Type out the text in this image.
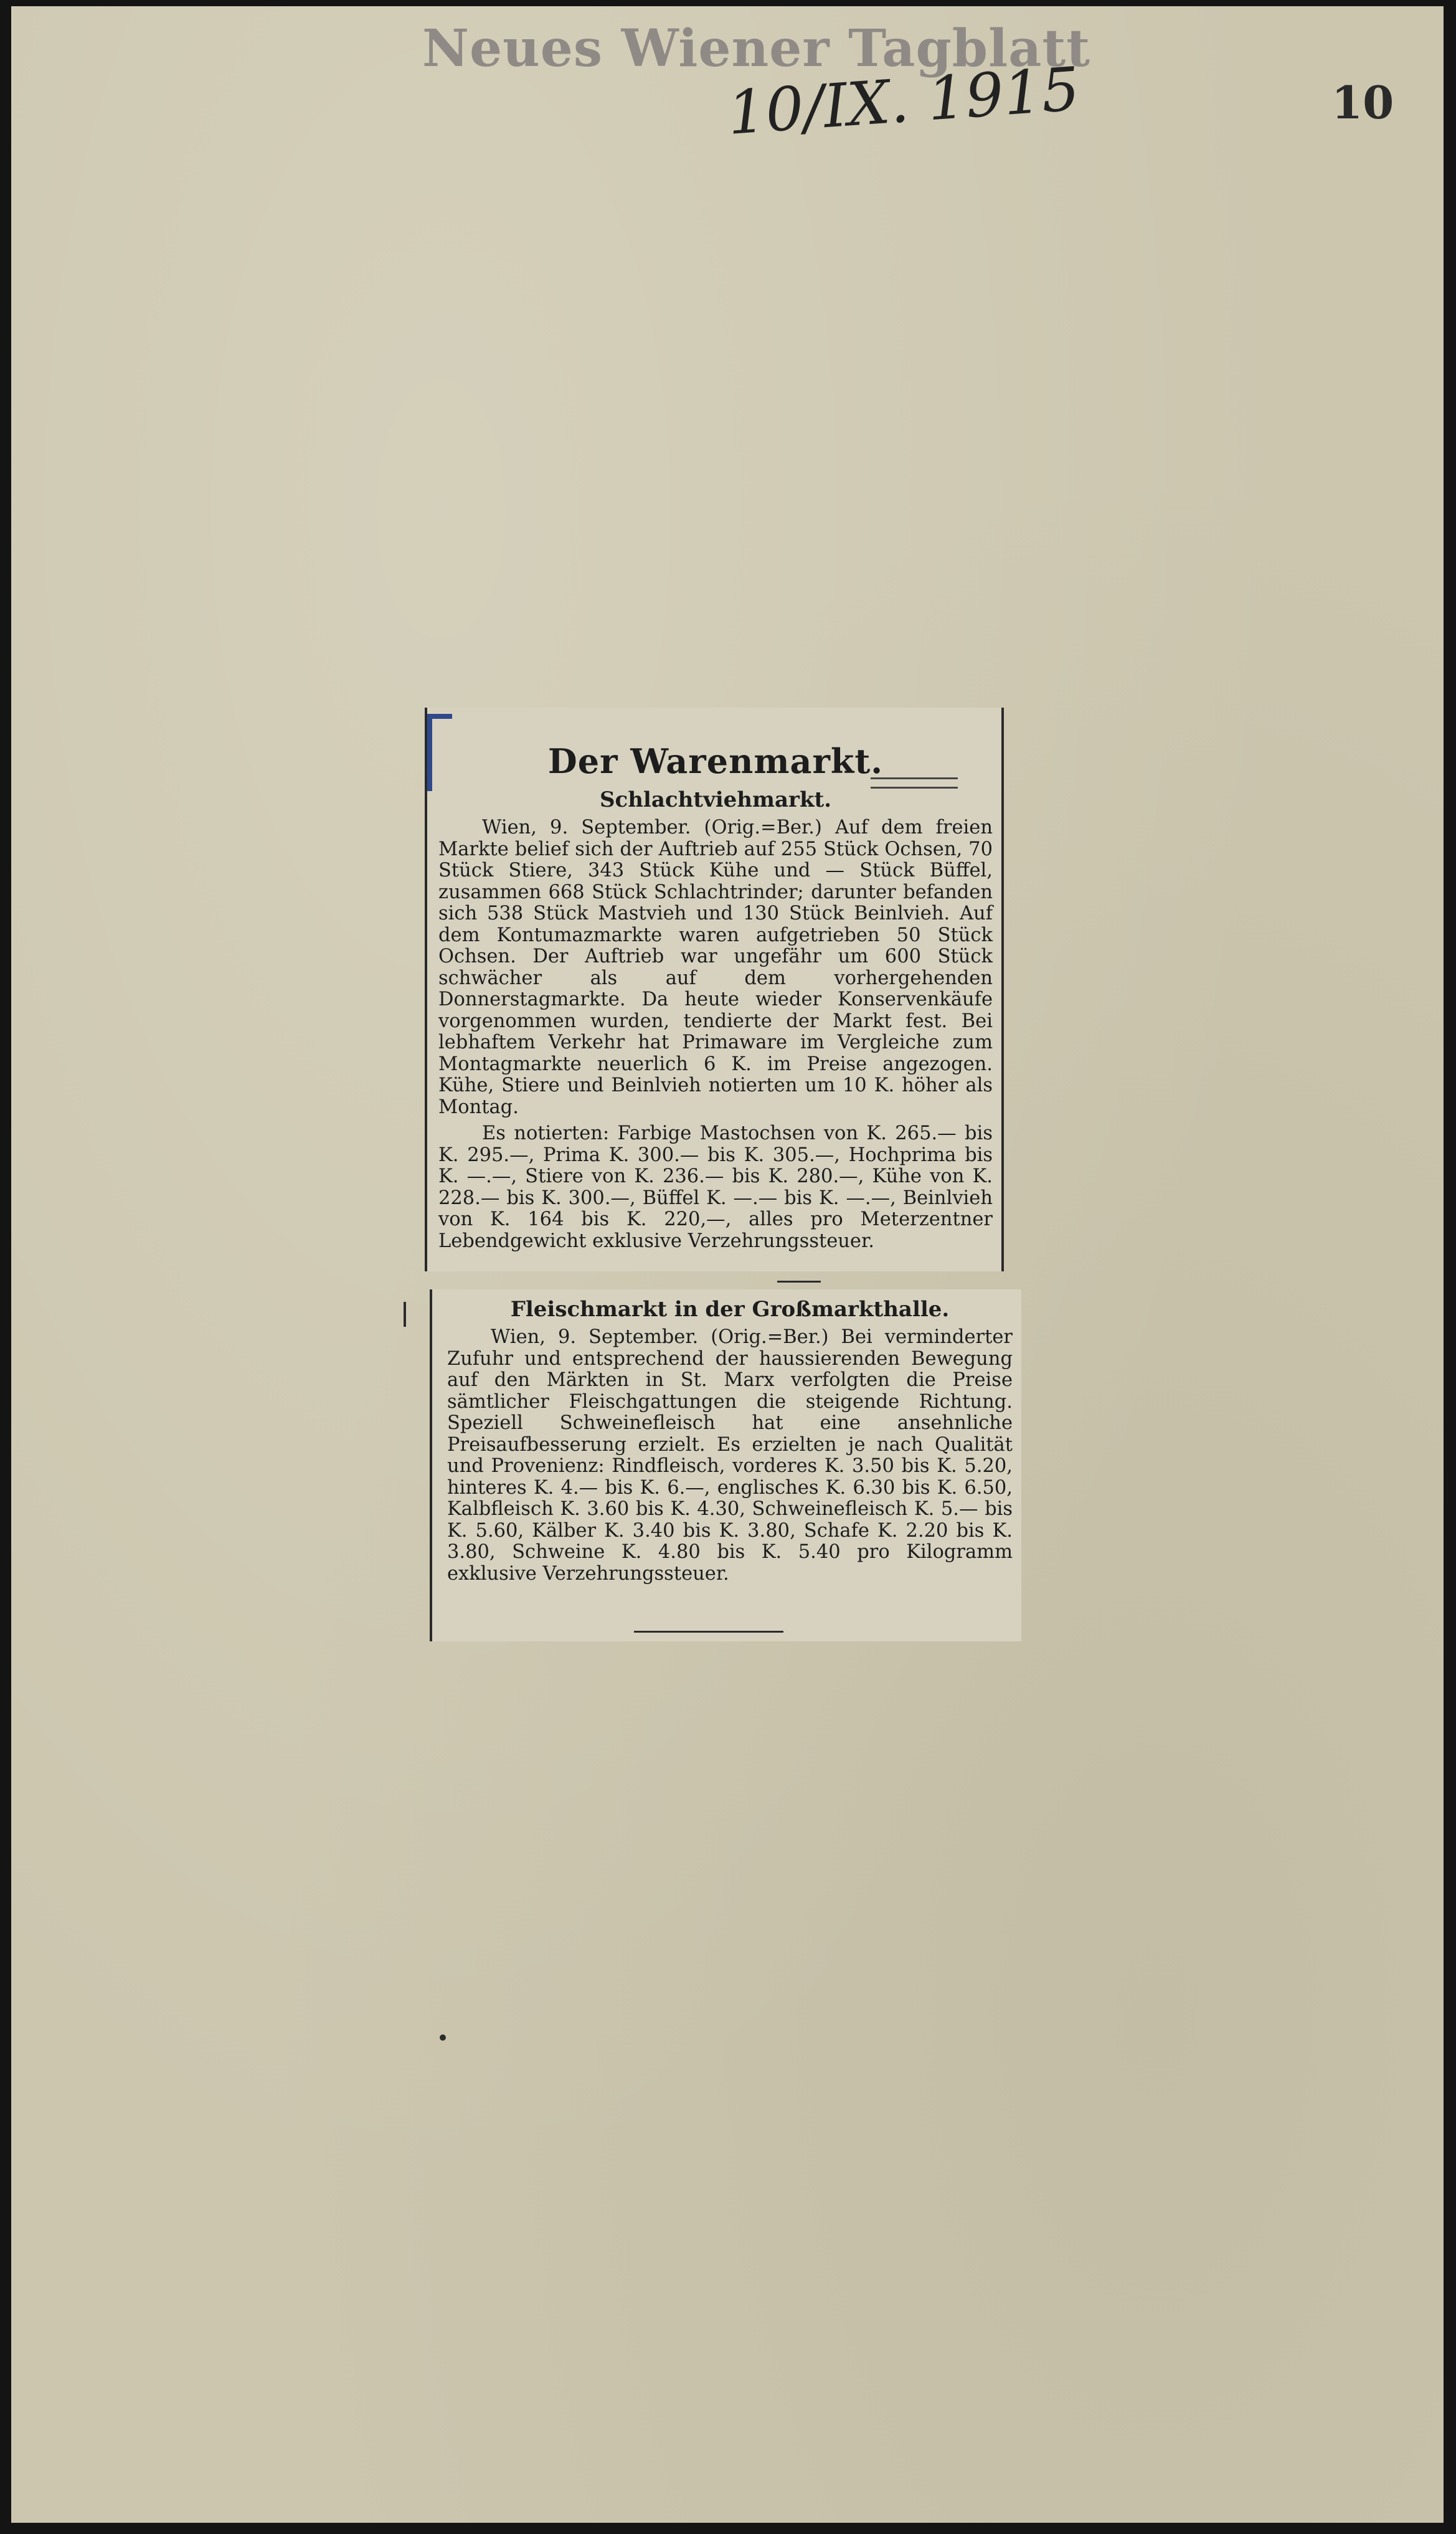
Neues Wiener Tagblatt
10/IX. 1915	10
Der Warenmarkt.
Schlachtviehmarkt.

Wien, 9. September. (Orig.=Ber.) Auf dem freien Markte belief sich der Auftrieb auf 255 Stück Ochsen, 70 Stück Stiere, 343 Stück Kühe und — Stück Büffel, zusammen 668 Stück Schlachtrinder; darunter befanden sich 538 Stück Mastvieh und 130 Stück Beinlvieh. Auf dem Kontumazmarkte waren aufgetrieben 50 Stück Ochsen. Der Auftrieb war ungefähr um 600 Stück schwächer als auf dem vorhergehenden Donnerstagmarkte. Da heute wieder Konservenkäufe vorgenommen wurden, tendierte der Markt fest. Bei lebhaftem Verkehr hat Primaware im Vergleiche zum Montagmarkte neuerlich 6 K. im Preise angezogen. Kühe, Stiere und Beinlvieh notierten um 10 K. höher als Montag.

Es notierten: Farbige Mastochsen von K. 265.— bis K. 295.—, Prima K. 300.— bis K. 305.—, Hochprima bis K. —.—, Stiere von K. 236.— bis K. 280.—, Kühe von K. 228.— bis K. 300.—, Büffel K. —.— bis K. —.—, Beinlvieh von K. 164 bis K. 220,—, alles pro Meterzentner Lebendgewicht exklusive Verzehrungssteuer.

Fleischmarkt in der Großmarkthalle.

Wien, 9. September. (Orig.=Ber.) Bei verminderter Zufuhr und entsprechend der haussierenden Bewegung auf den Märkten in St. Marx verfolgten die Preise sämtlicher Fleischgattungen die steigende Richtung. Speziell Schweinefleisch hat eine ansehnliche Preisaufbesserung erzielt. Es erzielten je nach Qualität und Provenienz: Rindfleisch, vorderes K. 3.50 bis K. 5.20, hinteres K. 4.— bis K. 6.—, englisches K. 6.30 bis K. 6.50, Kalbfleisch K. 3.60 bis K. 4.30, Schweinefleisch K. 5.— bis K. 5.60, Kälber K. 3.40 bis K. 3.80, Schafe K. 2.20 bis K. 3.80, Schweine K. 4.80 bis K. 5.40 pro Kilogramm exklusive Verzehrungssteuer.
